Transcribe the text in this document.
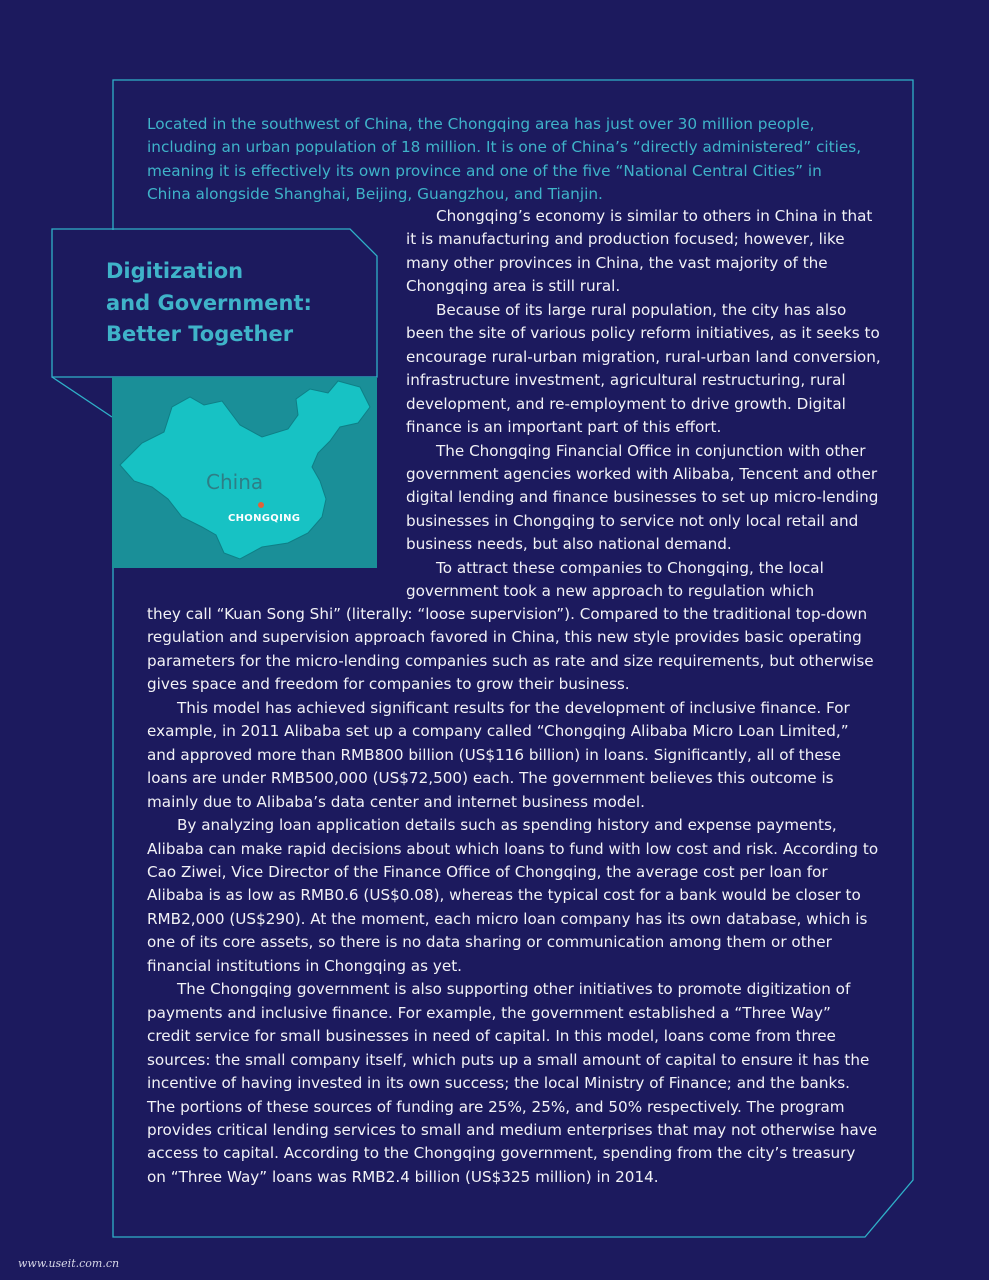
Located in the southwest of China, the Chongqing area has just over 30 million people, including an urban population of 18 million. It is one of China’s “directly administered” cities, meaning it is effectively its own province and one of the five “National Central Cities” in China alongside Shanghai, Beijing, Guangzhou, and Tianjin.

Digitization
and Government:
Better Together
China
CHONGQING

Chongqing’s economy is similar to others in China in that it is manufacturing and production focused; however, like many other provinces in China, the vast majority of the Chongqing area is still rural.

Because of its large rural population, the city has also been the site of various policy reform initiatives, as it seeks to encourage rural-urban migration, rural-urban land conversion, infrastructure investment, agricultural restructuring, rural development, and re-employment to drive growth. Digital finance is an important part of this effort.

The Chongqing Financial Office in conjunction with other government agencies worked with Alibaba, Tencent and other digital lending and finance businesses to set up micro-lending businesses in Chongqing to service not only local retail and business needs, but also national demand.

To attract these companies to Chongqing, the local government took a new approach to regulation which

they call “Kuan Song Shi” (literally: “loose supervision”). Compared to the traditional top-down regulation and supervision approach favored in China, this new style provides basic operating parameters for the micro-lending companies such as rate and size requirements, but otherwise gives space and freedom for companies to grow their business.

This model has achieved significant results for the development of inclusive finance. For example, in 2011 Alibaba set up a company called “Chongqing Alibaba Micro Loan Limited,” and approved more than RMB800 billion (US$116 billion) in loans. Significantly, all of these loans are under RMB500,000 (US$72,500) each. The government believes this outcome is mainly due to Alibaba’s data center and internet business model.

By analyzing loan application details such as spending history and expense payments, Alibaba can make rapid decisions about which loans to fund with low cost and risk. According to Cao Ziwei, Vice Director of the Finance Office of Chongqing, the average cost per loan for Alibaba is as low as RMB0.6 (US$0.08), whereas the typical cost for a bank would be closer to RMB2,000 (US$290). At the moment, each micro loan company has its own database, which is one of its core assets, so there is no data sharing or communication among them or other financial institutions in Chongqing as yet.

The Chongqing government is also supporting other initiatives to promote digitization of payments and inclusive finance. For example, the government established a “Three Way” credit service for small businesses in need of capital. In this model, loans come from three sources: the small company itself, which puts up a small amount of capital to ensure it has the incentive of having invested in its own success; the local Ministry of Finance; and the banks. The portions of these sources of funding are 25%, 25%, and 50% respectively. The program provides critical lending services to small and medium enterprises that may not otherwise have access to capital. According to the Chongqing government, spending from the city’s treasury on “Three Way” loans was RMB2.4 billion (US$325 million) in 2014.

www.useit.com.cn
